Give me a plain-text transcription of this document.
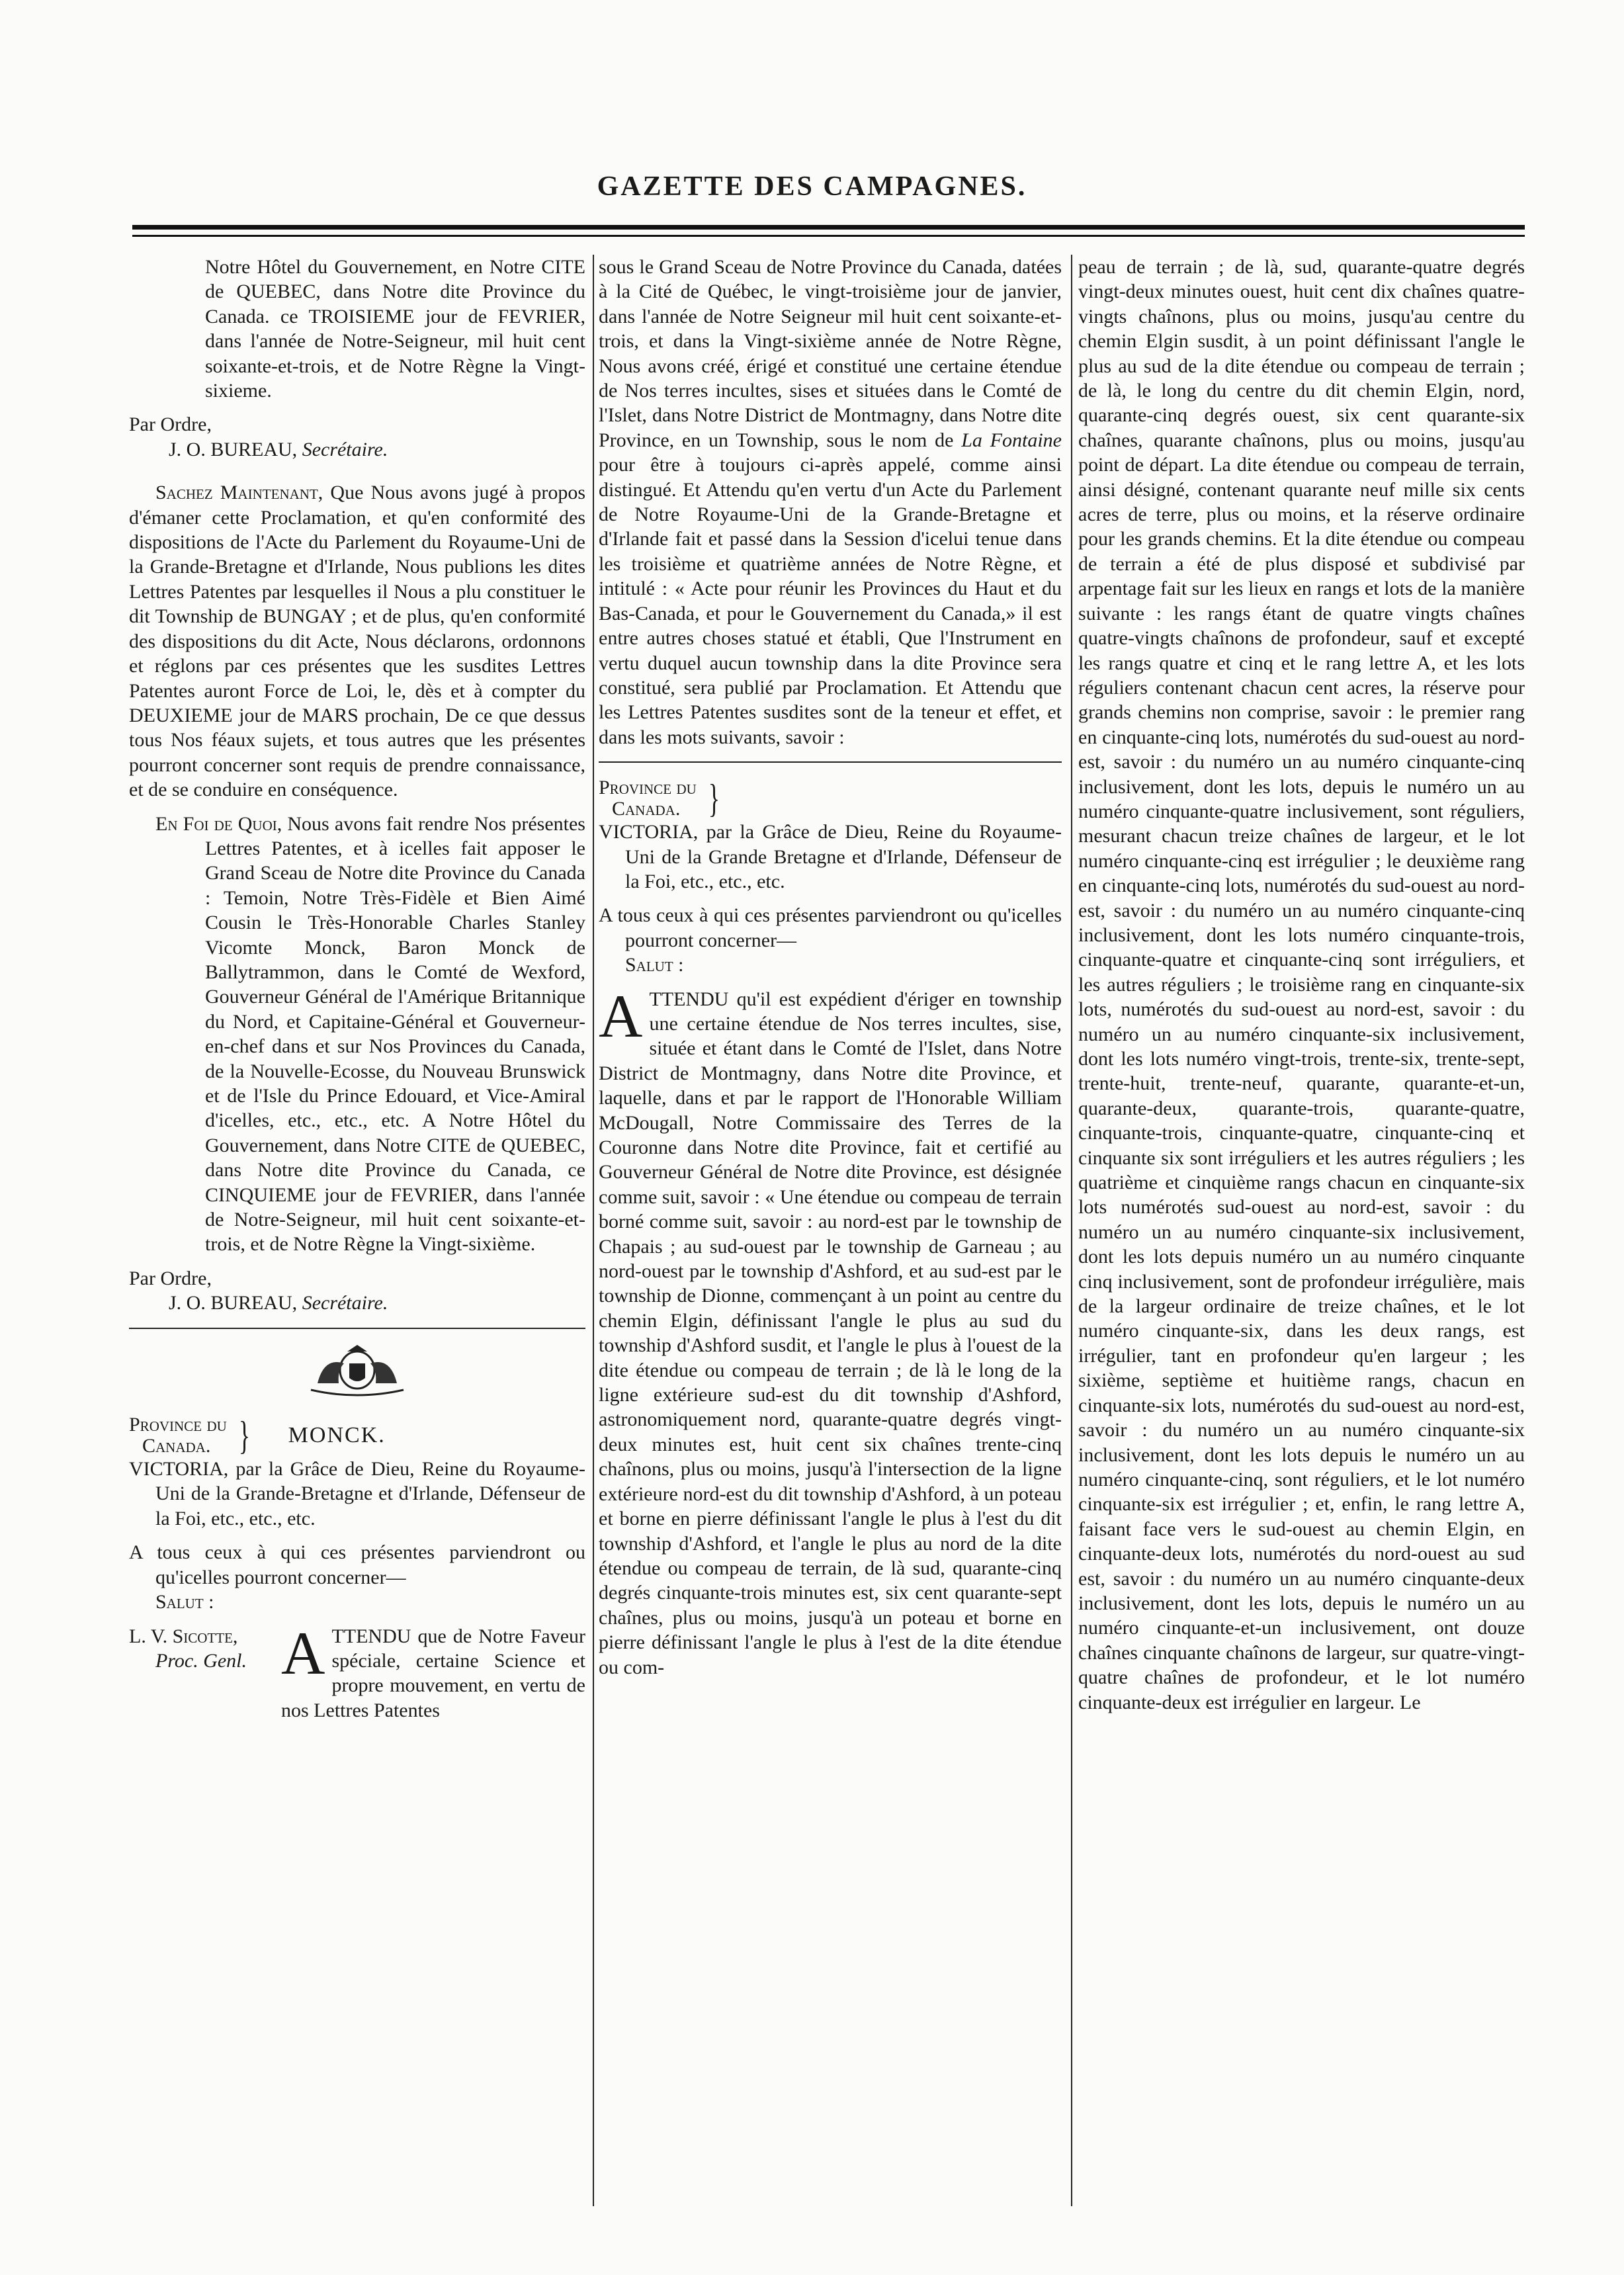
GAZETTE DES CAMPAGNES.

Notre Hôtel du Gouvernement, en Notre CITE de QUEBEC, dans Notre dite Province du Canada. ce TROISIEME jour de FEVRIER, dans l'année de Notre-Seigneur, mil huit cent soixante-et-trois, et de Notre Règne la Vingt-sixieme.

Par Ordre,

J. O. BUREAU, Secrétaire.

Sachez Maintenant, Que Nous avons jugé à propos d'émaner cette Proclamation, et qu'en conformité des dispositions de l'Acte du Parlement du Royaume-Uni de la Grande-Bretagne et d'Irlande, Nous publions les dites Lettres Patentes par lesquelles il Nous a plu constituer le dit Township de BUNGAY ; et de plus, qu'en conformité des dispositions du dit Acte, Nous déclarons, ordonnons et réglons par ces présentes que les susdites Lettres Patentes auront Force de Loi, le, dès et à compter du DEUXIEME jour de MARS prochain, De ce que dessus tous Nos féaux sujets, et tous autres que les présentes pourront concerner sont requis de prendre connaissance, et de se conduire en conséquence.

En Foi de Quoi, Nous avons fait rendre Nos présentes Lettres Patentes, et à icelles fait apposer le Grand Sceau de Notre dite Province du Canada : Temoin, Notre Très-Fidèle et Bien Aimé Cousin le Très-Honorable Charles Stanley Vicomte Monck, Baron Monck de Ballytrammon, dans le Comté de Wexford, Gouverneur Général de l'Amérique Britannique du Nord, et Capitaine-Général et Gouverneur-en-chef dans et sur Nos Provinces du Canada, de la Nouvelle-Ecosse, du Nouveau Brunswick et de l'Isle du Prince Edouard, et Vice-Amiral d'icelles, etc., etc., etc. A Notre Hôtel du Gouvernement, dans Notre CITE de QUEBEC, dans Notre dite Province du Canada, ce CINQUIEME jour de FEVRIER, dans l'année de Notre-Seigneur, mil huit cent soixante-et-trois, et de Notre Règne la Vingt-sixième.

Par Ordre,

J. O. BUREAU, Secrétaire.

Province du
Canada. } MONCK.

VICTORIA, par la Grâce de Dieu, Reine du Royaume-Uni de la Grande-Bretagne et d'Irlande, Défenseur de la Foi, etc., etc., etc.

A tous ceux à qui ces présentes parviendront ou qu'icelles pourront concerner—

Salut :

L. V. Sicotte,
Proc. Genl. ATTENDU que de Notre Faveur spéciale, certaine Science et propre mouvement, en vertu de nos Lettres Patentes

sous le Grand Sceau de Notre Province du Canada, datées à la Cité de Québec, le vingt-troisième jour de janvier, dans l'année de Notre Seigneur mil huit cent soixante-et-trois, et dans la Vingt-sixième année de Notre Règne, Nous avons créé, érigé et constitué une certaine étendue de Nos terres incultes, sises et situées dans le Comté de l'Islet, dans Notre District de Montmagny, dans Notre dite Province, en un Township, sous le nom de La Fontaine pour être à toujours ci-après appelé, comme ainsi distingué. Et Attendu qu'en vertu d'un Acte du Parlement de Notre Royaume-Uni de la Grande-Bretagne et d'Irlande fait et passé dans la Session d'icelui tenue dans les troisième et quatrième années de Notre Règne, et intitulé : « Acte pour réunir les Provinces du Haut et du Bas-Canada, et pour le Gouvernement du Canada,» il est entre autres choses statué et établi, Que l'Instrument en vertu duquel aucun township dans la dite Province sera constitué, sera publié par Proclamation. Et Attendu que les Lettres Patentes susdites sont de la teneur et effet, et dans les mots suivants, savoir :

Province du
Canada. }

VICTORIA, par la Grâce de Dieu, Reine du Royaume-Uni de la Grande Bretagne et d'Irlande, Défenseur de la Foi, etc., etc., etc.

A tous ceux à qui ces présentes parviendront ou qu'icelles pourront concerner—

Salut :

ATTENDU qu'il est expédient d'ériger en township une certaine étendue de Nos terres incultes, sise, située et étant dans le Comté de l'Islet, dans Notre District de Montmagny, dans Notre dite Province, et laquelle, dans et par le rapport de l'Honorable William McDougall, Notre Commissaire des Terres de la Couronne dans Notre dite Province, fait et certifié au Gouverneur Général de Notre dite Province, est désignée comme suit, savoir : « Une étendue ou compeau de terrain borné comme suit, savoir : au nord-est par le township de Chapais ; au sud-ouest par le township de Garneau ; au nord-ouest par le township d'Ashford, et au sud-est par le township de Dionne, commençant à un point au centre du chemin Elgin, définissant l'angle le plus au sud du township d'Ashford susdit, et l'angle le plus à l'ouest de la dite étendue ou compeau de terrain ; de là le long de la ligne extérieure sud-est du dit township d'Ashford, astronomiquement nord, quarante-quatre degrés vingt-deux minutes est, huit cent six chaînes trente-cinq chaînons, plus ou moins, jusqu'à l'intersection de la ligne extérieure nord-est du dit township d'Ashford, à un poteau et borne en pierre définissant l'angle le plus à l'est du dit township d'Ashford, et l'angle le plus au nord de la dite étendue ou compeau de terrain, de là sud, quarante-cinq degrés cinquante-trois minutes est, six cent quarante-sept chaînes, plus ou moins, jusqu'à un poteau et borne en pierre définissant l'angle le plus à l'est de la dite étendue ou com-

peau de terrain ; de là, sud, quarante-quatre degrés vingt-deux minutes ouest, huit cent dix chaînes quatre-vingts chaînons, plus ou moins, jusqu'au centre du chemin Elgin susdit, à un point définissant l'angle le plus au sud de la dite étendue ou compeau de terrain ; de là, le long du centre du dit chemin Elgin, nord, quarante-cinq degrés ouest, six cent quarante-six chaînes, quarante chaînons, plus ou moins, jusqu'au point de départ. La dite étendue ou compeau de terrain, ainsi désigné, contenant quarante neuf mille six cents acres de terre, plus ou moins, et la réserve ordinaire pour les grands chemins. Et la dite étendue ou compeau de terrain a été de plus disposé et subdivisé par arpentage fait sur les lieux en rangs et lots de la manière suivante : les rangs étant de quatre vingts chaînes quatre-vingts chaînons de profondeur, sauf et excepté les rangs quatre et cinq et le rang lettre A, et les lots réguliers contenant chacun cent acres, la réserve pour grands chemins non comprise, savoir : le premier rang en cinquante-cinq lots, numérotés du sud-ouest au nord-est, savoir : du numéro un au numéro cinquante-cinq inclusivement, dont les lots, depuis le numéro un au numéro cinquante-quatre inclusivement, sont réguliers, mesurant chacun treize chaînes de largeur, et le lot numéro cinquante-cinq est irrégulier ; le deuxième rang en cinquante-cinq lots, numérotés du sud-ouest au nord-est, savoir : du numéro un au numéro cinquante-cinq inclusivement, dont les lots numéro cinquante-trois, cinquante-quatre et cinquante-cinq sont irréguliers, et les autres réguliers ; le troisième rang en cinquante-six lots, numérotés du sud-ouest au nord-est, savoir : du numéro un au numéro cinquante-six inclusivement, dont les lots numéro vingt-trois, trente-six, trente-sept, trente-huit, trente-neuf, quarante, quarante-et-un, quarante-deux, quarante-trois, quarante-quatre, cinquante-trois, cinquante-quatre, cinquante-cinq et cinquante six sont irréguliers et les autres réguliers ; les quatrième et cinquième rangs chacun en cinquante-six lots numérotés sud-ouest au nord-est, savoir : du numéro un au numéro cinquante-six inclusivement, dont les lots depuis numéro un au numéro cinquante cinq inclusivement, sont de profondeur irrégulière, mais de la largeur ordinaire de treize chaînes, et le lot numéro cinquante-six, dans les deux rangs, est irrégulier, tant en profondeur qu'en largeur ; les sixième, septième et huitième rangs, chacun en cinquante-six lots, numérotés du sud-ouest au nord-est, savoir : du numéro un au numéro cinquante-six inclusivement, dont les lots depuis le numéro un au numéro cinquante-cinq, sont réguliers, et le lot numéro cinquante-six est irrégulier ; et, enfin, le rang lettre A, faisant face vers le sud-ouest au chemin Elgin, en cinquante-deux lots, numérotés du nord-ouest au sud est, savoir : du numéro un au numéro cinquante-deux inclusivement, dont les lots, depuis le numéro un au numéro cinquante-et-un inclusivement, ont douze chaînes cinquante chaînons de largeur, sur quatre-vingt-quatre chaînes de profondeur, et le lot numéro cinquante-deux est irrégulier en largeur. Le
